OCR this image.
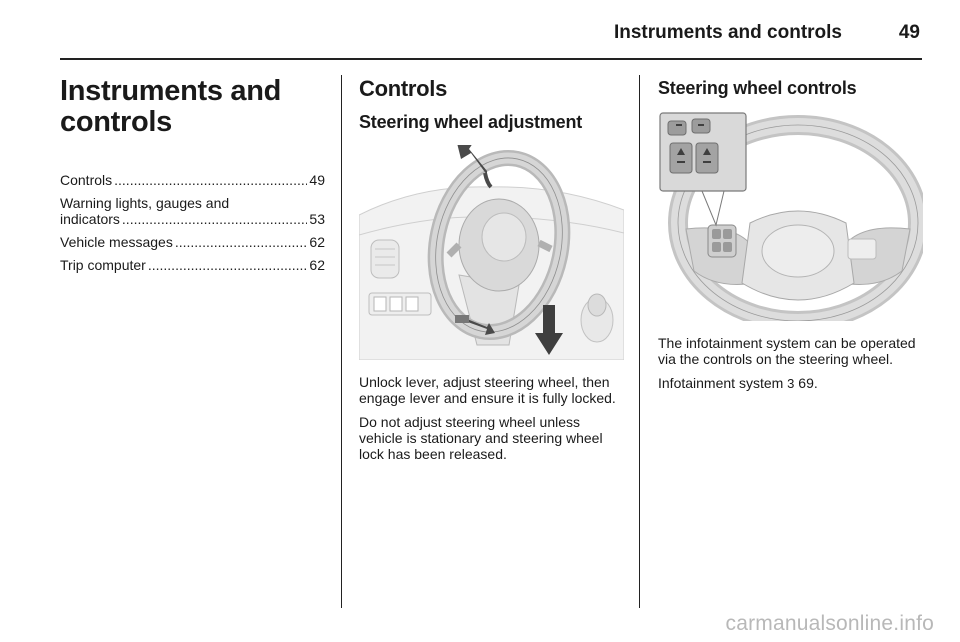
Instruments and controls	49
Instruments and
controls
Controls .....	49
Warning lights, gauges and
indicators .....	53
Vehicle messages .....	62
Trip computer .....	62
Controls
Steering wheel adjustment

Unlock lever, adjust steering wheel, then engage lever and ensure it is fully locked.

Do not adjust steering wheel unless vehicle is stationary and steering wheel lock has been released.

Steering wheel controls

The infotainment system can be operated via the controls on the steering wheel.

Infotainment system 3 69.

carmanualsonline.info
